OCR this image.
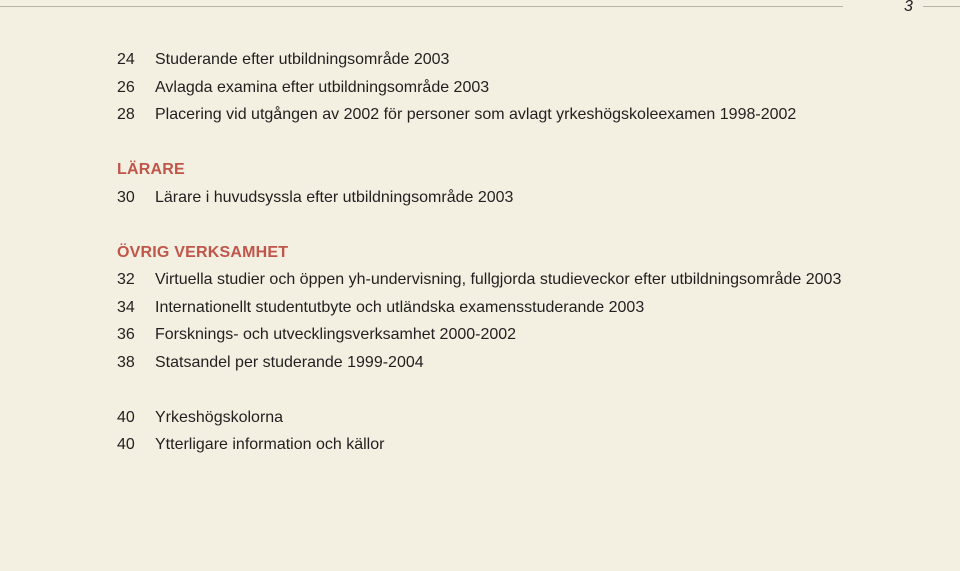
3
24 Studerande efter utbildningsområde 2003
26 Avlagda examina efter utbildningsområde 2003
28 Placering vid utgången av 2002 för personer som avlagt yrkeshögskoleexamen 1998-2002
LÄRARE
30 Lärare i huvudsyssla efter utbildningsområde 2003
ÖVRIG VERKSAMHET
32 Virtuella studier och öppen yh-undervisning, fullgjorda studieveckor efter utbildningsområde 2003
34 Internationellt studentutbyte och utländska examensstuderande 2003
36 Forsknings- och utvecklingsverksamhet 2000-2002
38 Statsandel per studerande 1999-2004
40 Yrkeshögskolorna
40 Ytterligare information och källor
